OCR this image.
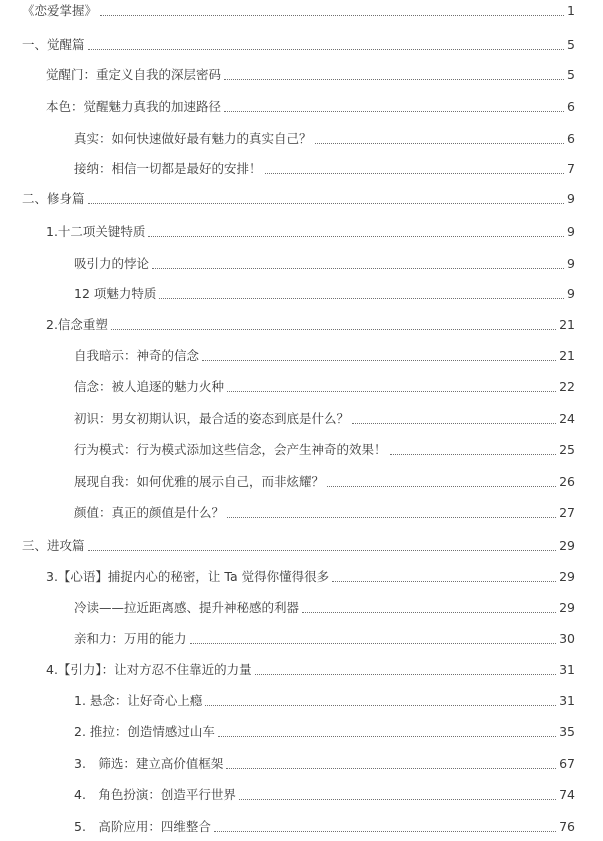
《恋爱掌握》	1
一、觉醒篇	5
觉醒门：重定义自我的深层密码	5
本色：觉醒魅力真我的加速路径	6
真实：如何快速做好最有魅力的真实自己？	6
接纳：相信一切都是最好的安排！	7
二、修身篇	9
1.十二项关键特质	9
吸引力的悖论	9
12 项魅力特质	9
2.信念重塑	21
自我暗示：神奇的信念	21
信念：被人追逐的魅力火种	22
初识：男女初期认识，最合适的姿态到底是什么？	24
行为模式：行为模式添加这些信念，会产生神奇的效果！	25
展现自我：如何优雅的展示自己，而非炫耀？	26
颜值：真正的颜值是什么？	27
三、进攻篇	29
3.【心语】捕捉内心的秘密，让 Ta 觉得你懂得很多	29
冷读——拉近距离感、提升神秘感的利器	29
亲和力：万用的能力	30
4.【引力】：让对方忍不住靠近的力量	31
1. 悬念：让好奇心上瘾	31
2. 推拉：创造情感过山车	35
3.　筛选：建立高价值框架	67
4.　角色扮演：创造平行世界	74
5.　高阶应用：四维整合	76
